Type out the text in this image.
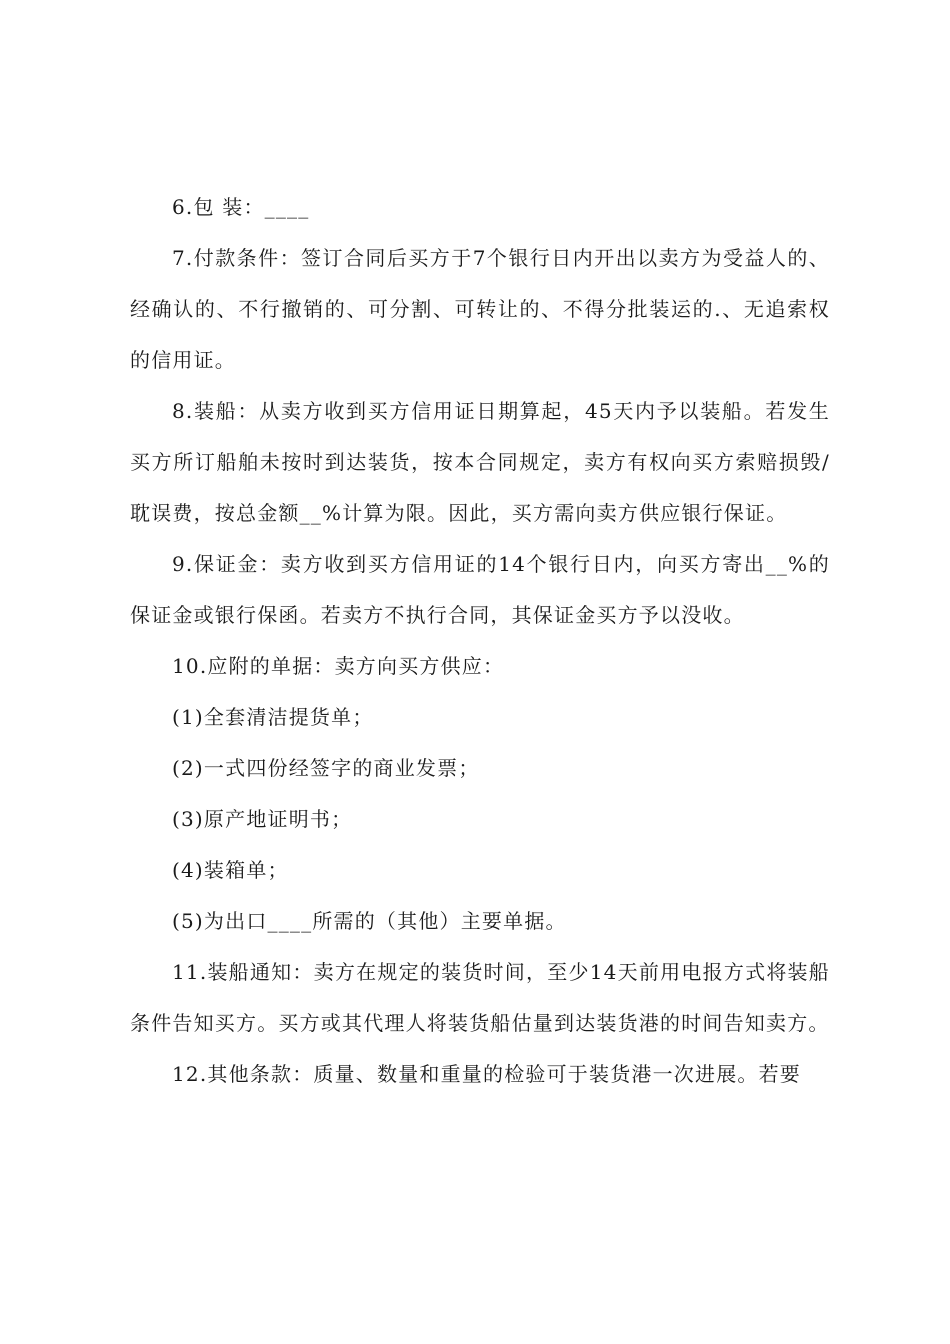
6.包 装：____

7.付款条件：签订合同后买方于7个银行日内开出以卖方为受益人的、经确认的、不行撤销的、可分割、可转让的、不得分批装运的.、无追索权的信用证。

8.装船：从卖方收到买方信用证日期算起，45天内予以装船。若发生买方所订船舶未按时到达装货，按本合同规定，卖方有权向买方索赔损毁/耽误费，按总金额__%计算为限。因此，买方需向卖方供应银行保证。

9.保证金：卖方收到买方信用证的14个银行日内，向买方寄出__%的保证金或银行保函。若卖方不执行合同，其保证金买方予以没收。

10.应附的单据：卖方向买方供应：

(1)全套清洁提货单；

(2)一式四份经签字的商业发票；

(3)原产地证明书；

(4)装箱单；

(5)为出口____所需的（其他）主要单据。

11.装船通知：卖方在规定的装货时间，至少14天前用电报方式将装船条件告知买方。买方或其代理人将装货船估量到达装货港的时间告知卖方。

12.其他条款：质量、数量和重量的检验可于装货港一次进展。若要
